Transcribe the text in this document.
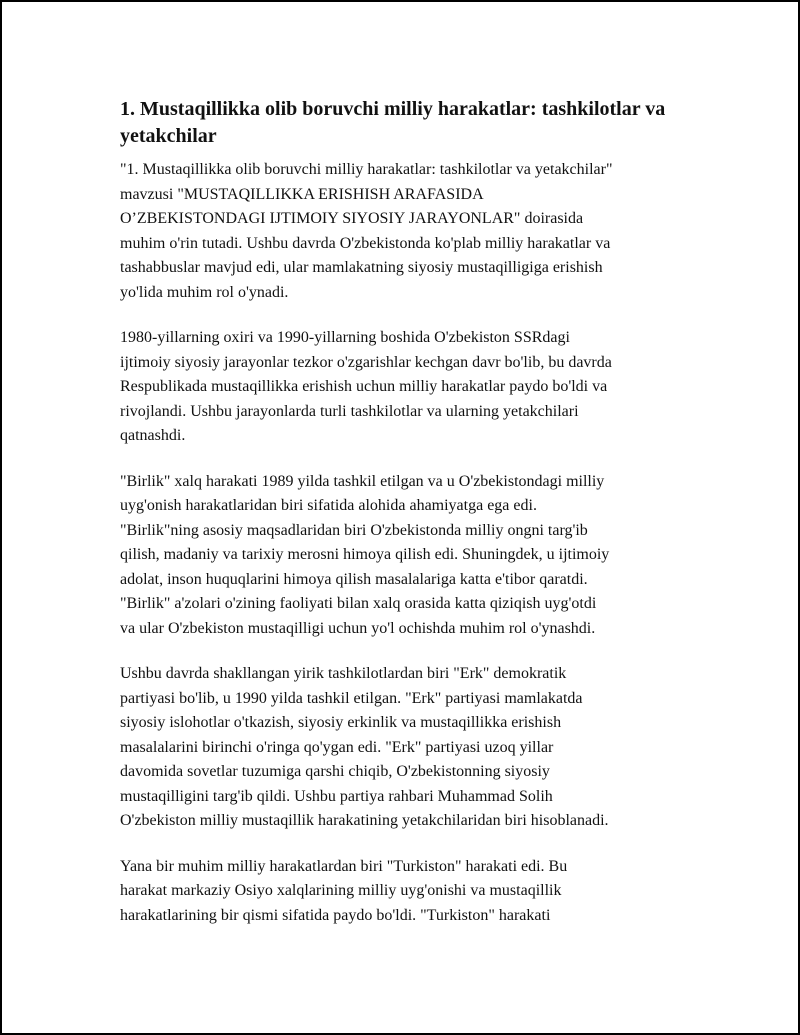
1. Mustaqillikka olib boruvchi milliy harakatlar: tashkilotlar va yetakchilar

"1. Mustaqillikka olib boruvchi milliy harakatlar: tashkilotlar va yetakchilar"
mavzusi "MUSTAQILLIKKA ERISHISH ARAFASIDA
O’ZBEKISTONDAGI IJTIMOIY SIYOSIY JARAYONLAR" doirasida
muhim o'rin tutadi. Ushbu davrda O'zbekistonda ko'plab milliy harakatlar va
tashabbuslar mavjud edi, ular mamlakatning siyosiy mustaqilligiga erishish
yo'lida muhim rol o'ynadi.

1980-yillarning oxiri va 1990-yillarning boshida O'zbekiston SSRdagi
ijtimoiy siyosiy jarayonlar tezkor o'zgarishlar kechgan davr bo'lib, bu davrda
Respublikada mustaqillikka erishish uchun milliy harakatlar paydo bo'ldi va
rivojlandi. Ushbu jarayonlarda turli tashkilotlar va ularning yetakchilari
qatnashdi.

"Birlik" xalq harakati 1989 yilda tashkil etilgan va u O'zbekistondagi milliy
uyg'onish harakatlaridan biri sifatida alohida ahamiyatga ega edi.
"Birlik"ning asosiy maqsadlaridan biri O'zbekistonda milliy ongni targ'ib
qilish, madaniy va tarixiy merosni himoya qilish edi. Shuningdek, u ijtimoiy
adolat, inson huquqlarini himoya qilish masalalariga katta e'tibor qaratdi.
"Birlik" a'zolari o'zining faoliyati bilan xalq orasida katta qiziqish uyg'otdi
va ular O'zbekiston mustaqilligi uchun yo'l ochishda muhim rol o'ynashdi.

Ushbu davrda shakllangan yirik tashkilotlardan biri "Erk" demokratik
partiyasi bo'lib, u 1990 yilda tashkil etilgan. "Erk" partiyasi mamlakatda
siyosiy islohotlar o'tkazish, siyosiy erkinlik va mustaqillikka erishish
masalalarini birinchi o'ringa qo'ygan edi. "Erk" partiyasi uzoq yillar
davomida sovetlar tuzumiga qarshi chiqib, O'zbekistonning siyosiy
mustaqilligini targ'ib qildi. Ushbu partiya rahbari Muhammad Solih
O'zbekiston milliy mustaqillik harakatining yetakchilaridan biri hisoblanadi.

Yana bir muhim milliy harakatlardan biri "Turkiston" harakati edi. Bu
harakat markaziy Osiyo xalqlarining milliy uyg'onishi va mustaqillik
harakatlarining bir qismi sifatida paydo bo'ldi. "Turkiston" harakati
